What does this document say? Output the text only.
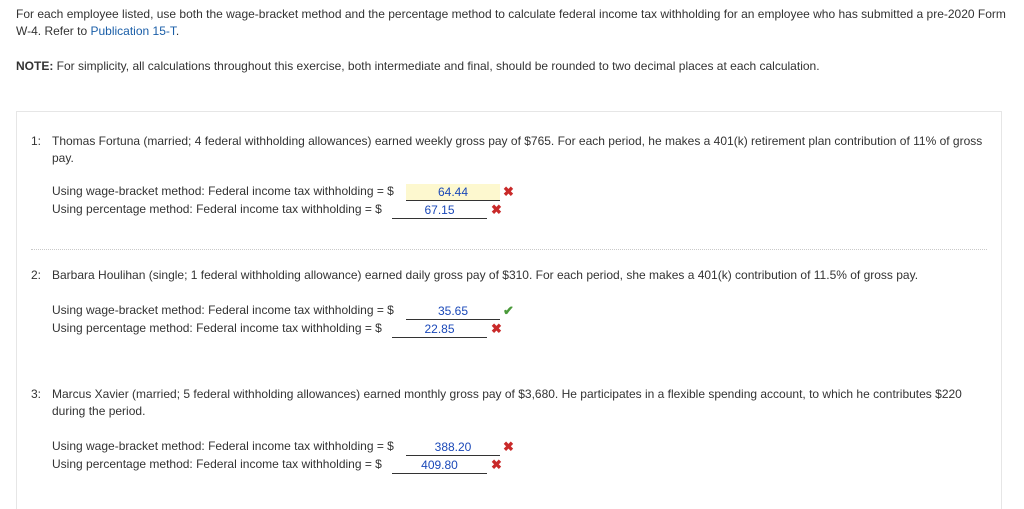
For each employee listed, use both the wage-bracket method and the percentage method to calculate federal income tax withholding for an employee who has submitted a pre-2020 Form W-4. Refer to Publication 15-T.
NOTE: For simplicity, all calculations throughout this exercise, both intermediate and final, should be rounded to two decimal places at each calculation.
1: Thomas Fortuna (married; 4 federal withholding allowances) earned weekly gross pay of $765. For each period, he makes a 401(k) retirement plan contribution of 11% of gross pay.
Using wage-bracket method: Federal income tax withholding = $	64.44	✖
Using percentage method: Federal income tax withholding = $	67.15	✖
2: Barbara Houlihan (single; 1 federal withholding allowance) earned daily gross pay of $310. For each period, she makes a 401(k) contribution of 11.5% of gross pay.
Using wage-bracket method: Federal income tax withholding = $	35.65	✔
Using percentage method: Federal income tax withholding = $	22.85	✖
3: Marcus Xavier (married; 5 federal withholding allowances) earned monthly gross pay of $3,680. He participates in a flexible spending account, to which he contributes $220 during the period.
Using wage-bracket method: Federal income tax withholding = $	388.20	✖
Using percentage method: Federal income tax withholding = $	409.80	✖
